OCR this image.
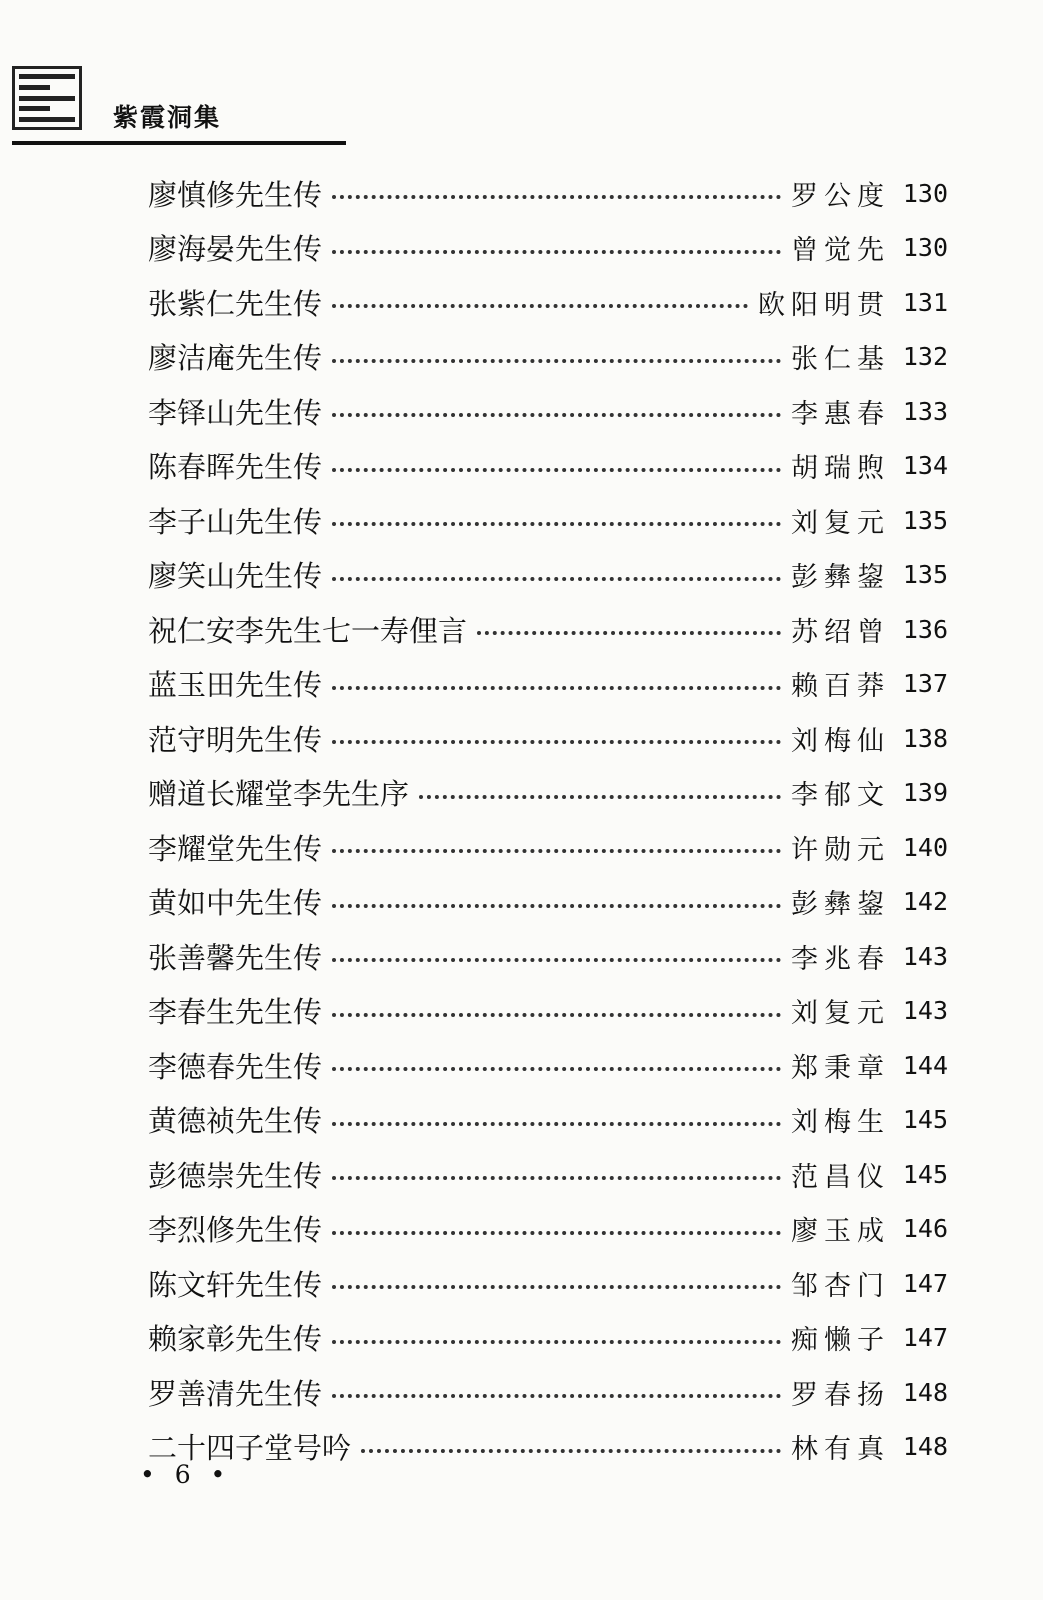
紫霞洞集
廖慎修先生传	罗公度 130
廖海晏先生传	曾觉先 130
张紫仁先生传	欧阳明贯 131
廖洁庵先生传	张仁基 132
李铎山先生传	李惠春 133
陈春晖先生传	胡瑞煦 134
李子山先生传	刘复元 135
廖笑山先生传	彭彝鋆 135
祝仁安李先生七一寿俚言	苏绍曾 136
蓝玉田先生传	赖百莽 137
范守明先生传	刘梅仙 138
赠道长耀堂李先生序	李郁文 139
李耀堂先生传	许勋元 140
黄如中先生传	彭彝鋆 142
张善馨先生传	李兆春 143
李春生先生传	刘复元 143
李德春先生传	郑秉章 144
黄德祯先生传	刘梅生 145
彭德崇先生传	范昌仪 145
李烈修先生传	廖玉成 146
陈文轩先生传	邹杏门 147
赖家彰先生传	痴懒子 147
罗善清先生传	罗春扬 148
二十四子堂号吟	林有真 148
• 6 •
